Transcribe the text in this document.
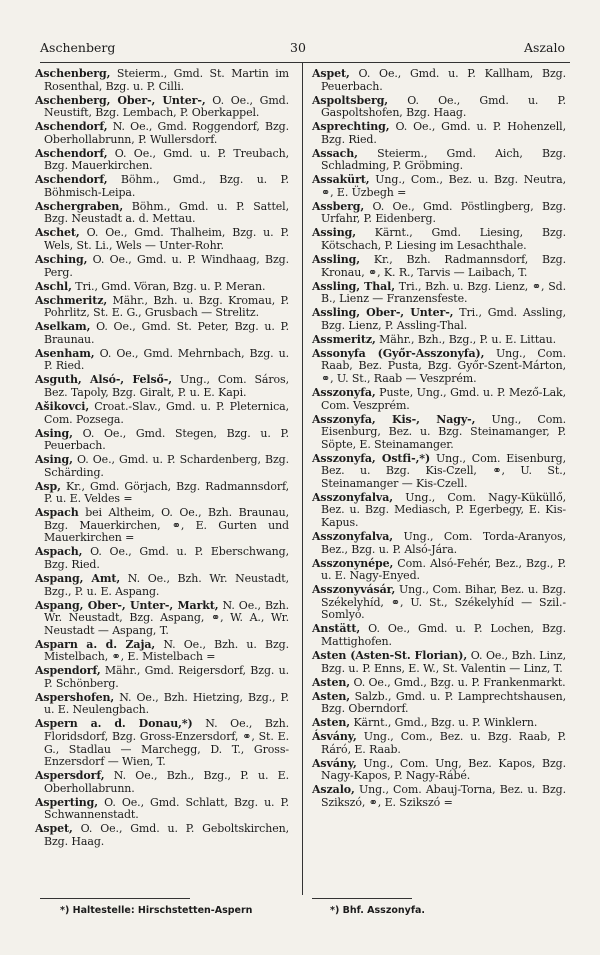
Aschenberg	30	Aszalo

Aschenberg, Steierm., Gmd. St. Martin im Rosenthal, Bzg. u. P. Cilli.

Aschenberg, Ober-, Unter-, O. Oe., Gmd. Neustift, Bzg. Lembach, P. Oberkappel.

Aschendorf, N. Oe., Gmd. Roggendorf, Bzg. Oberhollabrunn, P. Wullersdorf.

Aschendorf, O. Oe., Gmd. u. P. Treubach, Bzg. Mauerkirchen.

Aschendorf, Böhm., Gmd., Bzg. u. P. Böhmisch-Leipa.

Aschergraben, Böhm., Gmd. u. P. Sattel, Bzg. Neustadt a. d. Mettau.

Aschet, O. Oe., Gmd. Thalheim, Bzg. u. P. Wels, St. Li., Wels — Unter-Rohr.

Asching, O. Oe., Gmd. u. P. Windhaag, Bzg. Perg.

Aschl, Tri., Gmd. Vöran, Bzg. u. P. Meran.

Aschmeritz, Mähr., Bzh. u. Bzg. Kromau, P. Pohrlitz, St. E. G., Grusbach — Strelitz.

Aselkam, O. Oe., Gmd. St. Peter, Bzg. u. P. Braunau.

Asenham, O. Oe., Gmd. Mehrnbach, Bzg. u. P. Ried.

Asguth, Alsó-, Felső-, Ung., Com. Sáros, Bez. Tapoly, Bzg. Giralt, P. u. E. Kapi.

Ašikovci, Croat.-Slav., Gmd. u. P. Pleternica, Com. Pozsega.

Asing, O. Oe., Gmd. Stegen, Bzg. u. P. Peuerbach.

Asing, O. Oe., Gmd. u. P. Schardenberg, Bzg. Schärding.

Asp, Kr., Gmd. Görjach, Bzg. Radmannsdorf, P. u. E. Veldes =

Aspach bei Altheim, O. Oe., Bzh. Braunau, Bzg. Mauerkirchen, ⚭, E. Gurten und Mauerkirchen =

Aspach, O. Oe., Gmd. u. P. Eberschwang, Bzg. Ried.

Aspang, Amt, N. Oe., Bzh. Wr. Neustadt, Bzg., P. u. E. Aspang.

Aspang, Ober-, Unter-, Markt, N. Oe., Bzh. Wr. Neustadt, Bzg. Aspang, ⚭, W. A., Wr. Neustadt — Aspang, T.

Asparn a. d. Zaja, N. Oe., Bzh. u. Bzg. Mistelbach, ⚭, E. Mistelbach =

Aspendorf, Mähr., Gmd. Reigersdorf, Bzg. u. P. Schönberg.

Aspershofen, N. Oe., Bzh. Hietzing, Bzg., P. u. E. Neulengbach.

Aspern a. d. Donau,*) N. Oe., Bzh. Floridsdorf, Bzg. Gross-Enzersdorf, ⚭, St. E. G., Stadlau — Marchegg, D. T., Gross-Enzersdorf — Wien, T.

Aspersdorf, N. Oe., Bzh., Bzg., P. u. E. Oberhollabrunn.

Asperting, O. Oe., Gmd. Schlatt, Bzg. u. P. Schwannenstadt.

Aspet, O. Oe., Gmd. u. P. Geboltskirchen, Bzg. Haag.

Aspet, O. Oe., Gmd. u. P. Kallham, Bzg. Peuerbach.

Aspoltsberg, O. Oe., Gmd. u. P. Gaspoltshofen, Bzg. Haag.

Asprechting, O. Oe., Gmd. u. P. Hohenzell, Bzg. Ried.

Assach, Steierm., Gmd. Aich, Bzg. Schladming, P. Gröbming.

Assakürt, Ung., Com., Bez. u. Bzg. Neutra, ⚭, E. Üzbegh =

Assberg, O. Oe., Gmd. Pöstlingberg, Bzg. Urfahr, P. Eidenberg.

Assing, Kärnt., Gmd. Liesing, Bzg. Kötschach, P. Liesing im Lesachthale.

Assling, Kr., Bzh. Radmannsdorf, Bzg. Kronau, ⚭, K. R., Tarvis — Laibach, T.

Assling, Thal, Tri., Bzh. u. Bzg. Lienz, ⚭, Sd. B., Lienz — Franzensfeste.

Assling, Ober-, Unter-, Tri., Gmd. Assling, Bzg. Lienz, P. Assling-Thal.

Assmeritz, Mähr., Bzh., Bzg., P. u. E. Littau.

Assonyfa (Győr-Asszonyfa), Ung., Com. Raab, Bez. Pusta, Bzg. Győr-Szent-Márton, ⚭, U. St., Raab — Veszprém.

Asszonyfa, Puste, Ung., Gmd. u. P. Mező-Lak, Com. Veszprém.

Asszonyfa, Kis-, Nagy-, Ung., Com. Eisenburg, Bez. u. Bzg. Steinamanger, P. Söpte, E. Steinamanger.

Asszonyfa, Ostfi-,*) Ung., Com. Eisenburg, Bez. u. Bzg. Kis-Czell, ⚭, U. St., Steinamanger — Kis-Czell.

Asszonyfalva, Ung., Com. Nagy-Küküllő, Bez. u. Bzg. Mediasch, P. Egerbegy, E. Kis-Kapus.

Asszonyfalva, Ung., Com. Torda-Aranyos, Bez., Bzg. u. P. Alsó-Jára.

Asszonynépe, Com. Alsó-Fehér, Bez., Bzg., P. u. E. Nagy-Enyed.

Asszonyvásár, Ung., Com. Bihar, Bez. u. Bzg. Székelyhíd, ⚭, U. St., Székelyhíd — Szil.-Somlyó.

Anstätt, O. Oe., Gmd. u. P. Lochen, Bzg. Mattighofen.

Asten (Asten-St. Florian), O. Oe., Bzh. Linz, Bzg. u. P. Enns, E. W., St. Valentin — Linz, T.

Asten, O. Oe., Gmd., Bzg. u. P. Frankenmarkt.

Asten, Salzb., Gmd. u. P. Lamprechtshausen, Bzg. Oberndorf.

Asten, Kärnt., Gmd., Bzg. u. P. Winklern.

Ásvány, Ung., Com., Bez. u. Bzg. Raab, P. Rárό, E. Raab.

Asvány, Ung., Com. Ung, Bez. Kapos, Bzg. Nagy-Kapos, P. Nagy-Rábé.

Aszalo, Ung., Com. Abauj-Torna, Bez. u. Bzg. Szikszó, ⚭, E. Szikszó =

*) Haltestelle: Hirschstetten-Aspern	*) Bhf. Asszonyfa.
